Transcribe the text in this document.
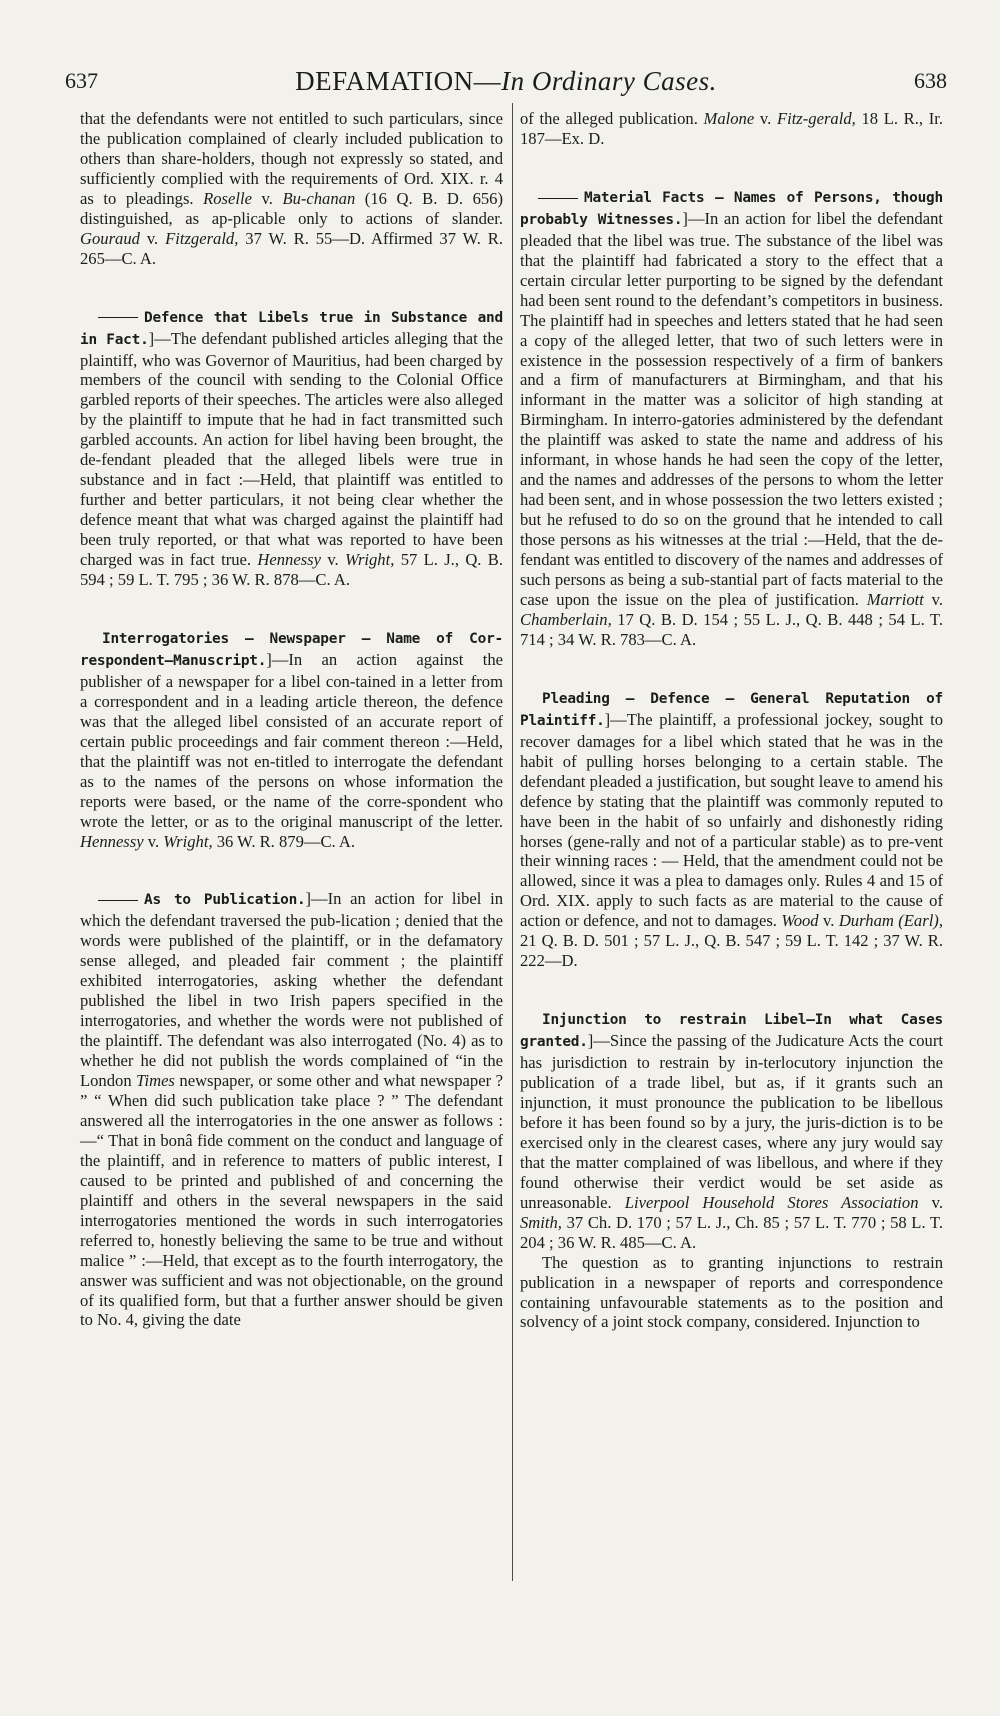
637	DEFAMATION—In Ordinary Cases.	638

that the defendants were not entitled to such particulars, since the publication complained of clearly included publication to others than share-holders, though not expressly so stated, and sufficiently complied with the requirements of Ord. XIX. r. 4 as to pleadings. Roselle v. Bu-chanan (16 Q. B. D. 656) distinguished, as ap-plicable only to actions of slander. Gouraud v. Fitzgerald, 37 W. R. 55—D. Affirmed 37 W. R. 265—C. A.

Defence that Libels true in Substance and in Fact.]—The defendant published articles alleging that the plaintiff, who was Governor of Mauritius, had been charged by members of the council with sending to the Colonial Office garbled reports of their speeches. The articles were also alleged by the plaintiff to impute that he had in fact transmitted such garbled accounts. An action for libel having been brought, the de-fendant pleaded that the alleged libels were true in substance and in fact :—Held, that plaintiff was entitled to further and better particulars, it not being clear whether the defence meant that what was charged against the plaintiff had been truly reported, or that what was reported to have been charged was in fact true. Hennessy v. Wright, 57 L. J., Q. B. 594 ; 59 L. T. 795 ; 36 W. R. 878—C. A.

Interrogatories — Newspaper — Name of Cor-respondent—Manuscript.]—In an action against the publisher of a newspaper for a libel con-tained in a letter from a correspondent and in a leading article thereon, the defence was that the alleged libel consisted of an accurate report of certain public proceedings and fair comment thereon :—Held, that the plaintiff was not en-titled to interrogate the defendant as to the names of the persons on whose information the reports were based, or the name of the corre-spondent who wrote the letter, or as to the original manuscript of the letter. Hennessy v. Wright, 36 W. R. 879—C. A.

As to Publication.]—In an action for libel in which the defendant traversed the pub-lication ; denied that the words were published of the plaintiff, or in the defamatory sense alleged, and pleaded fair comment ; the plaintiff exhibited interrogatories, asking whether the defendant published the libel in two Irish papers specified in the interrogatories, and whether the words were not published of the plaintiff. The defendant was also interrogated (No. 4) as to whether he did not publish the words complained of “in the London Times newspaper, or some other and what newspaper ? ” “ When did such publication take place ? ” The defendant answered all the interrogatories in the one answer as follows :—“ That in bonâ fide comment on the conduct and language of the plaintiff, and in reference to matters of public interest, I caused to be printed and published of and concerning the plaintiff and others in the several newspapers in the said interrogatories mentioned the words in such interrogatories referred to, honestly believing the same to be true and without malice ” :—Held, that except as to the fourth interrogatory, the answer was sufficient and was not objectionable, on the ground of its qualified form, but that a further answer should be given to No. 4, giving the date

of the alleged publication. Malone v. Fitz-gerald, 18 L. R., Ir. 187—Ex. D.

Material Facts — Names of Persons, though probably Witnesses.]—In an action for libel the defendant pleaded that the libel was true. The substance of the libel was that the plaintiff had fabricated a story to the effect that a certain circular letter purporting to be signed by the defendant had been sent round to the defendant’s competitors in business. The plaintiff had in speeches and letters stated that he had seen a copy of the alleged letter, that two of such letters were in existence in the possession respectively of a firm of bankers and a firm of manufacturers at Birmingham, and that his informant in the matter was a solicitor of high standing at Birmingham. In interro-gatories administered by the defendant the plaintiff was asked to state the name and address of his informant, in whose hands he had seen the copy of the letter, and the names and addresses of the persons to whom the letter had been sent, and in whose possession the two letters existed ; but he refused to do so on the ground that he intended to call those persons as his witnesses at the trial :—Held, that the de-fendant was entitled to discovery of the names and addresses of such persons as being a sub-stantial part of facts material to the case upon the issue on the plea of justification. Marriott v. Chamberlain, 17 Q. B. D. 154 ; 55 L. J., Q. B. 448 ; 54 L. T. 714 ; 34 W. R. 783—C. A.

Pleading — Defence — General Reputation of Plaintiff.]—The plaintiff, a professional jockey, sought to recover damages for a libel which stated that he was in the habit of pulling horses belonging to a certain stable. The defendant pleaded a justification, but sought leave to amend his defence by stating that the plaintiff was commonly reputed to have been in the habit of so unfairly and dishonestly riding horses (gene-rally and not of a particular stable) as to pre-vent their winning races : — Held, that the amendment could not be allowed, since it was a plea to damages only. Rules 4 and 15 of Ord. XIX. apply to such facts as are material to the cause of action or defence, and not to damages. Wood v. Durham (Earl), 21 Q. B. D. 501 ; 57 L. J., Q. B. 547 ; 59 L. T. 142 ; 37 W. R. 222—D.

Injunction to restrain Libel—In what Cases granted.]—Since the passing of the Judicature Acts the court has jurisdiction to restrain by in-terlocutory injunction the publication of a trade libel, but as, if it grants such an injunction, it must pronounce the publication to be libellous before it has been found so by a jury, the juris-diction is to be exercised only in the clearest cases, where any jury would say that the matter complained of was libellous, and where if they found otherwise their verdict would be set aside as unreasonable. Liverpool Household Stores Association v. Smith, 37 Ch. D. 170 ; 57 L. J., Ch. 85 ; 57 L. T. 770 ; 58 L. T. 204 ; 36 W. R. 485—C. A.

The question as to granting injunctions to restrain publication in a newspaper of reports and correspondence containing unfavourable statements as to the position and solvency of a joint stock company, considered. Injunction to
